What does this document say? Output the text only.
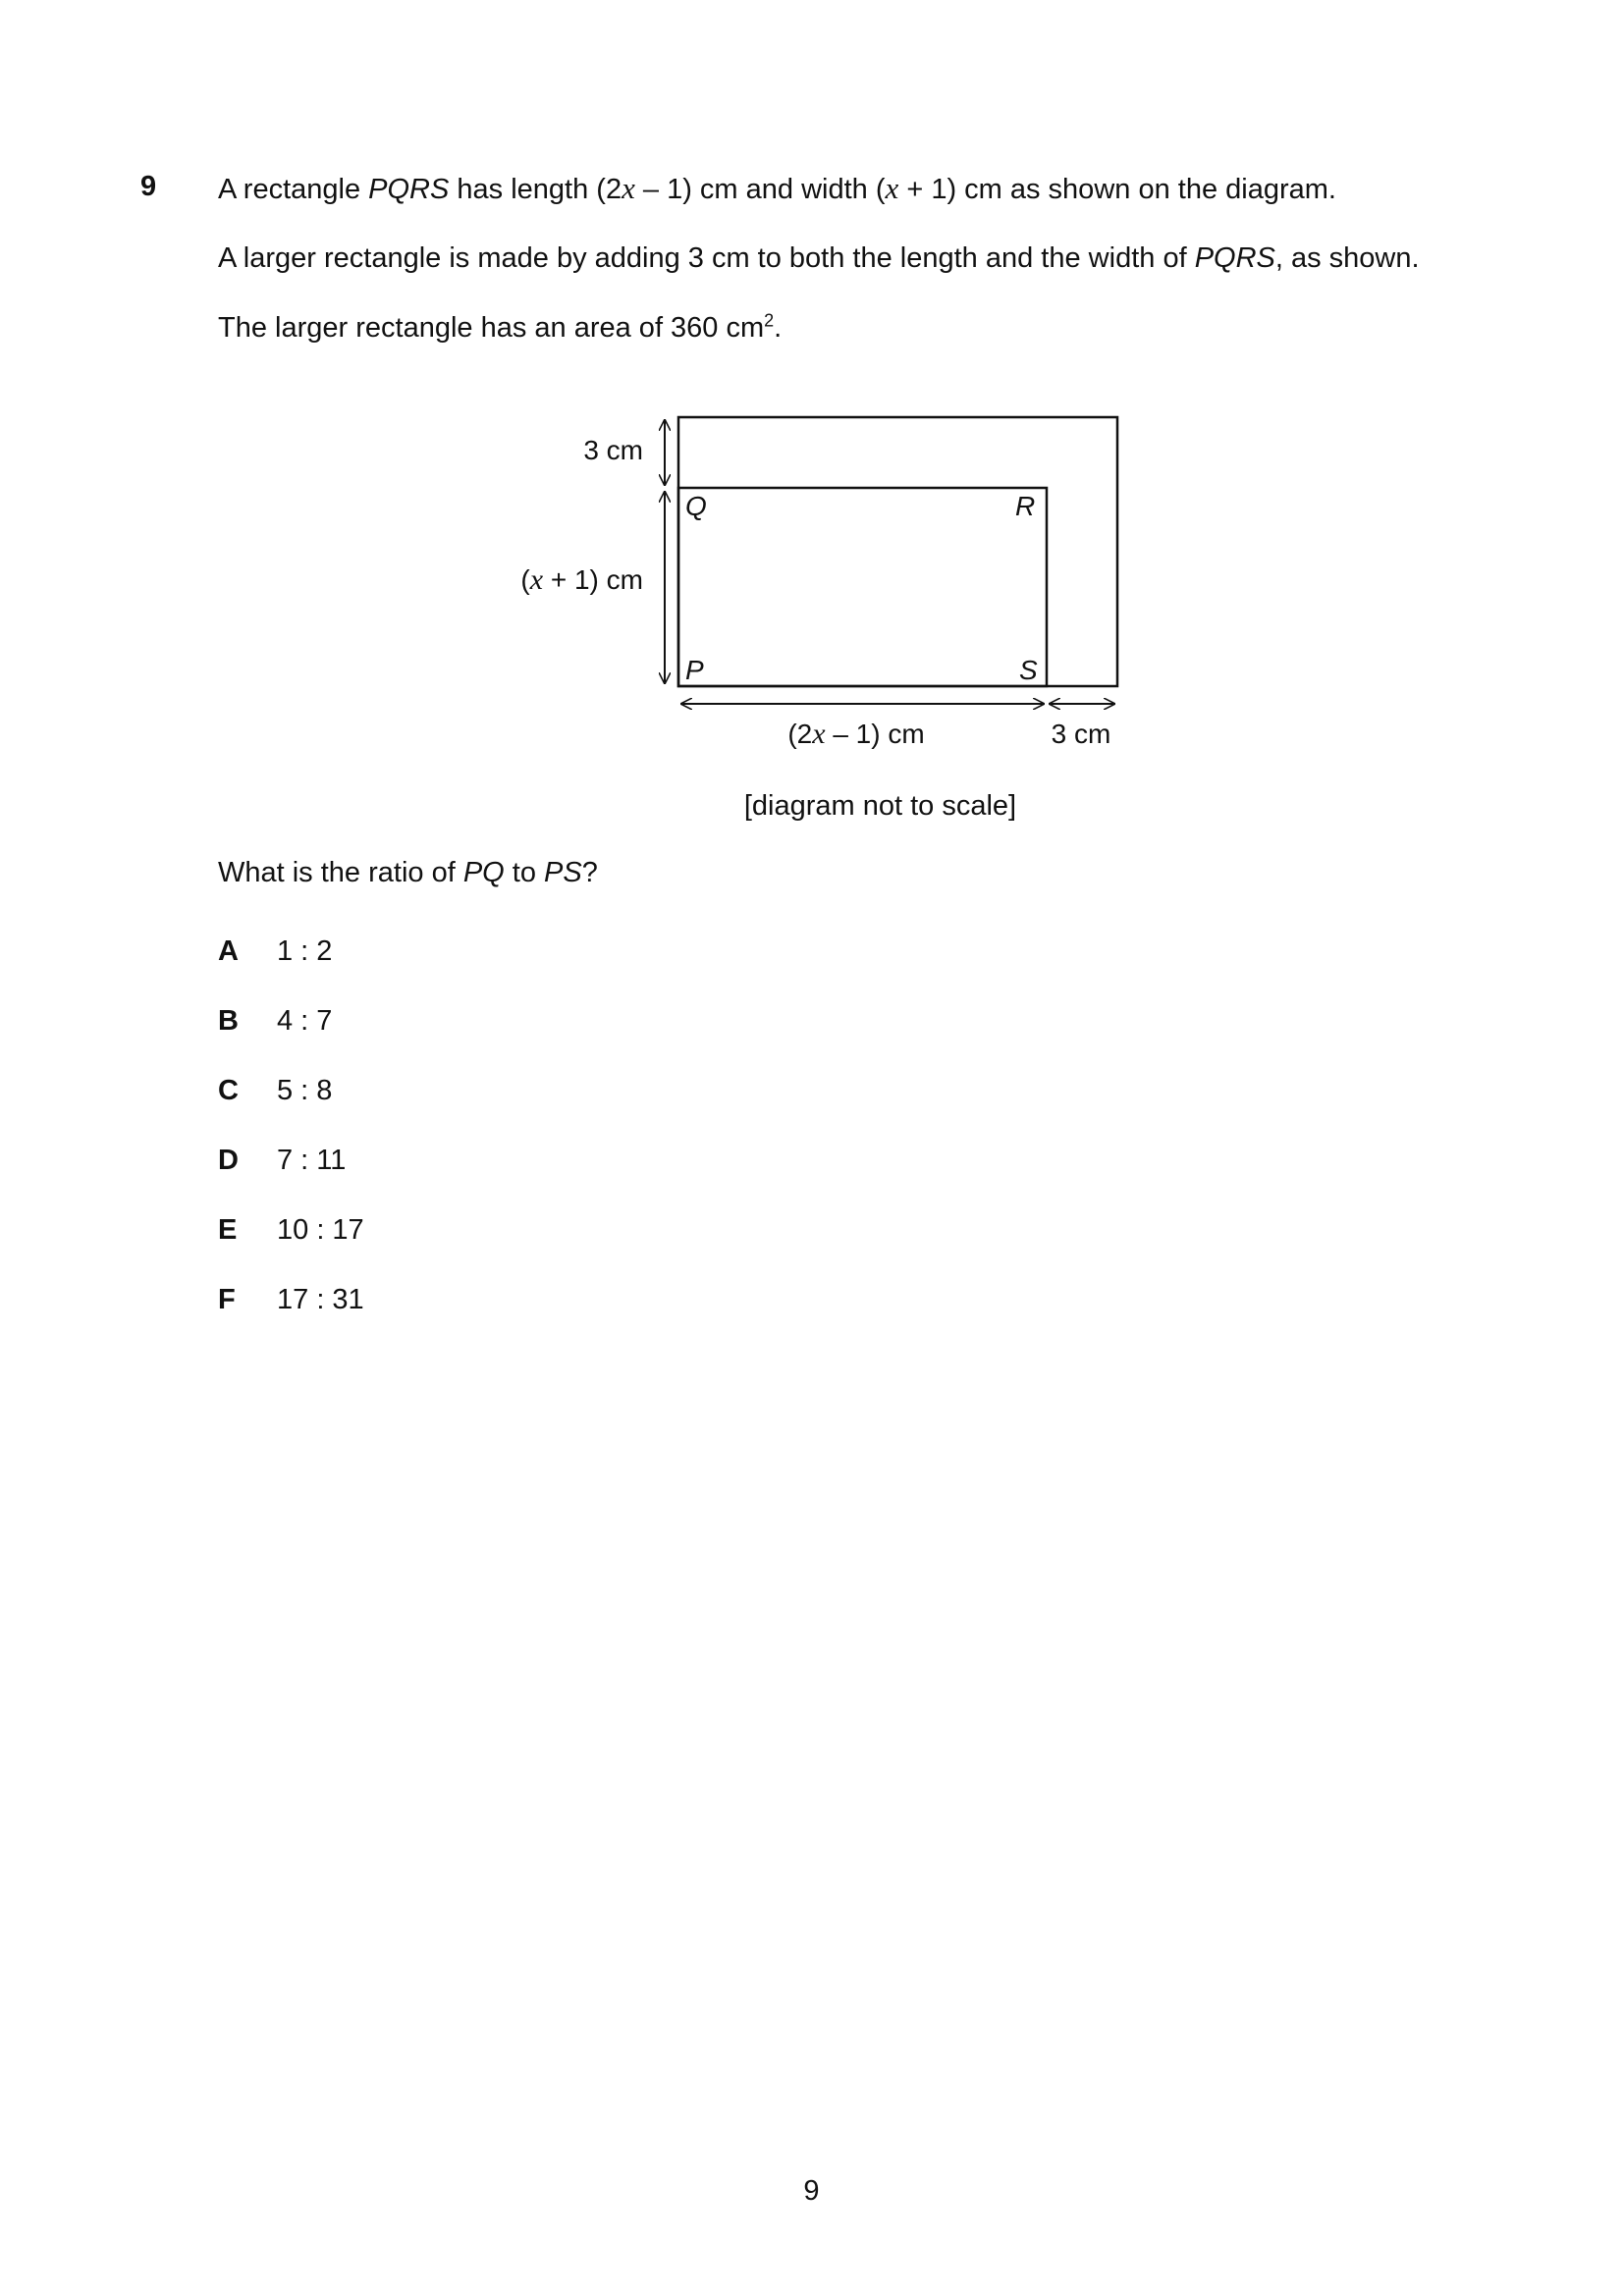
9 A rectangle PQRS has length (2x – 1) cm and width (x + 1) cm as shown on the diagram.
A larger rectangle is made by adding 3 cm to both the length and the width of PQRS, as shown.
The larger rectangle has an area of 360 $cm^2$.
3 cm
(x + 1) cm
(2x – 1) cm	3 cm
Q	R
P	S
[diagram not to scale]
What is the ratio of PQ to PS?
A 1 : 2
B 4 : 7
C 5 : 8
D 7 : 11
E 10 : 17
F 17 : 31
9
